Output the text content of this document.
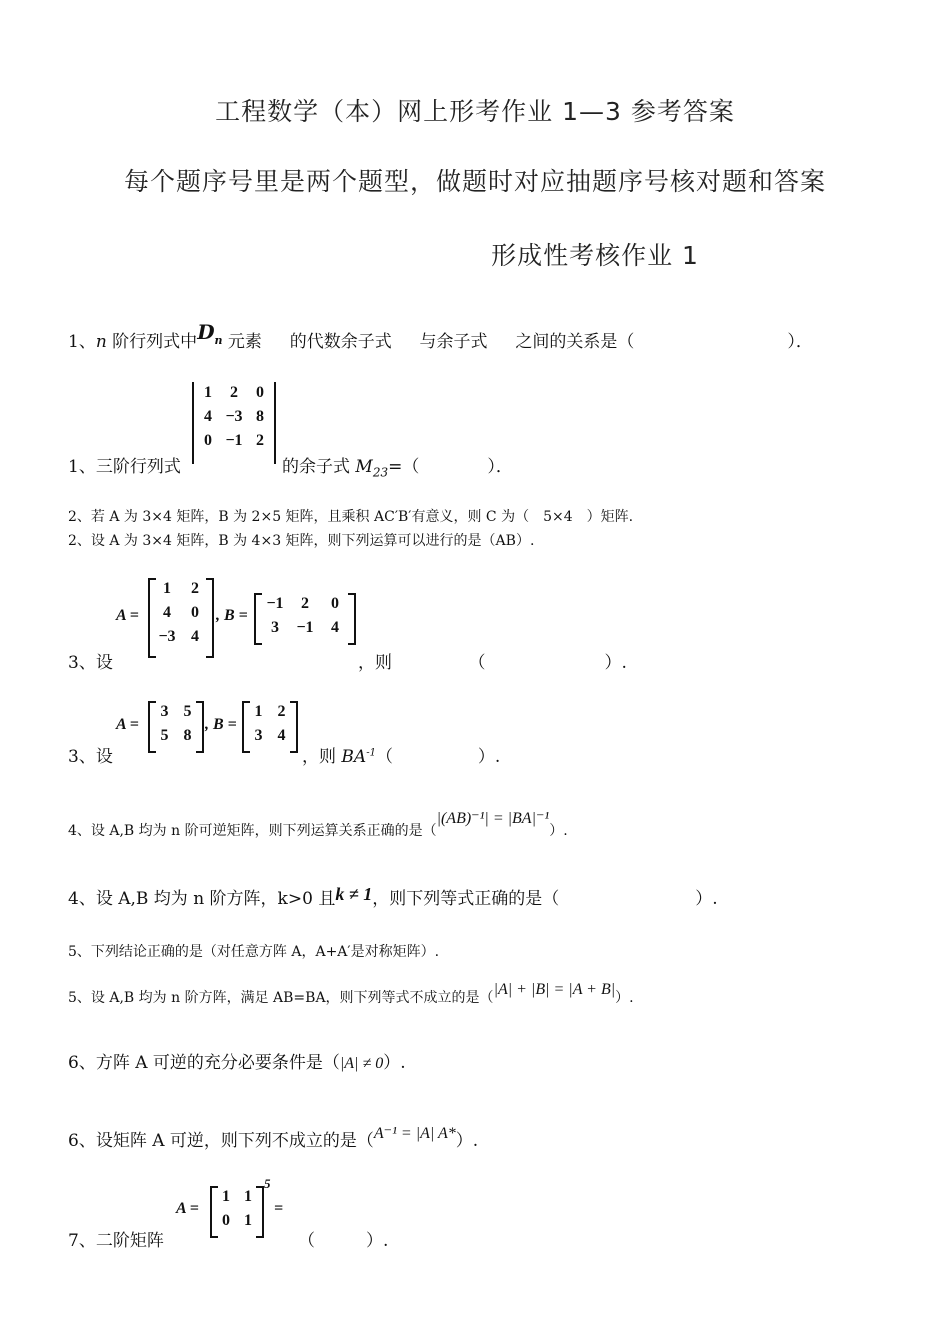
工程数学（本）网上形考作业 1—3 参考答案
每个题序号里是两个题型，做题时对应抽题序号核对题和答案
形成性考核作业 1
1、n 阶行列式中$D_n$ 元素 　 的代数余子式 　 与余子式 　 之间的关系是（　　　　　　　　　）．
1、三阶行列式
1	2	0
4 −3 8
0 −1 2
的余子式 $M_{23}=$（　　　　）．
2、若 A 为 3×4 矩阵，B 为 2×5 矩阵，且乘积 AC′B′有意义，则 C 为（　5×4　）矩阵.
2、设 A 为 3×4 矩阵，B 为 4×3 矩阵，则下列运算可以进行的是（AB）.
3、设
A =
1	2
4	0
−3 4
, B =
−1	2	0
3	−1	4
，则　　　　　（　　　　　　　）.
3、设
A =
3 5
5 8
, B =
1 2
3 4
，则 $BA^{-1}$（　　　　　）.
4、设 A,B 均为 n 阶可逆矩阵，则下列运算关系正确的是（|(AB)⁻¹| = |BA|⁻¹）.
4、设 A,B 均为 n 阶方阵，k>0 且k ≠ 1，则下列等式正确的是（　　　　　　　　）.
5、下列结论正确的是（对任意方阵 A，A+A′是对称矩阵）.
5、设 A,B 均为 n 阶方阵，满足 AB=BA，则下列等式不成立的是（|A| + |B| = |A + B|）.
6、方阵 A 可逆的充分必要条件是（|A| ≠ 0）.
6、设矩阵 A 可逆，则下列不成立的是（A⁻¹ = |A| A*）.
7、二阶矩阵
A =
1 1
0 1
5
=
（　　　）.
